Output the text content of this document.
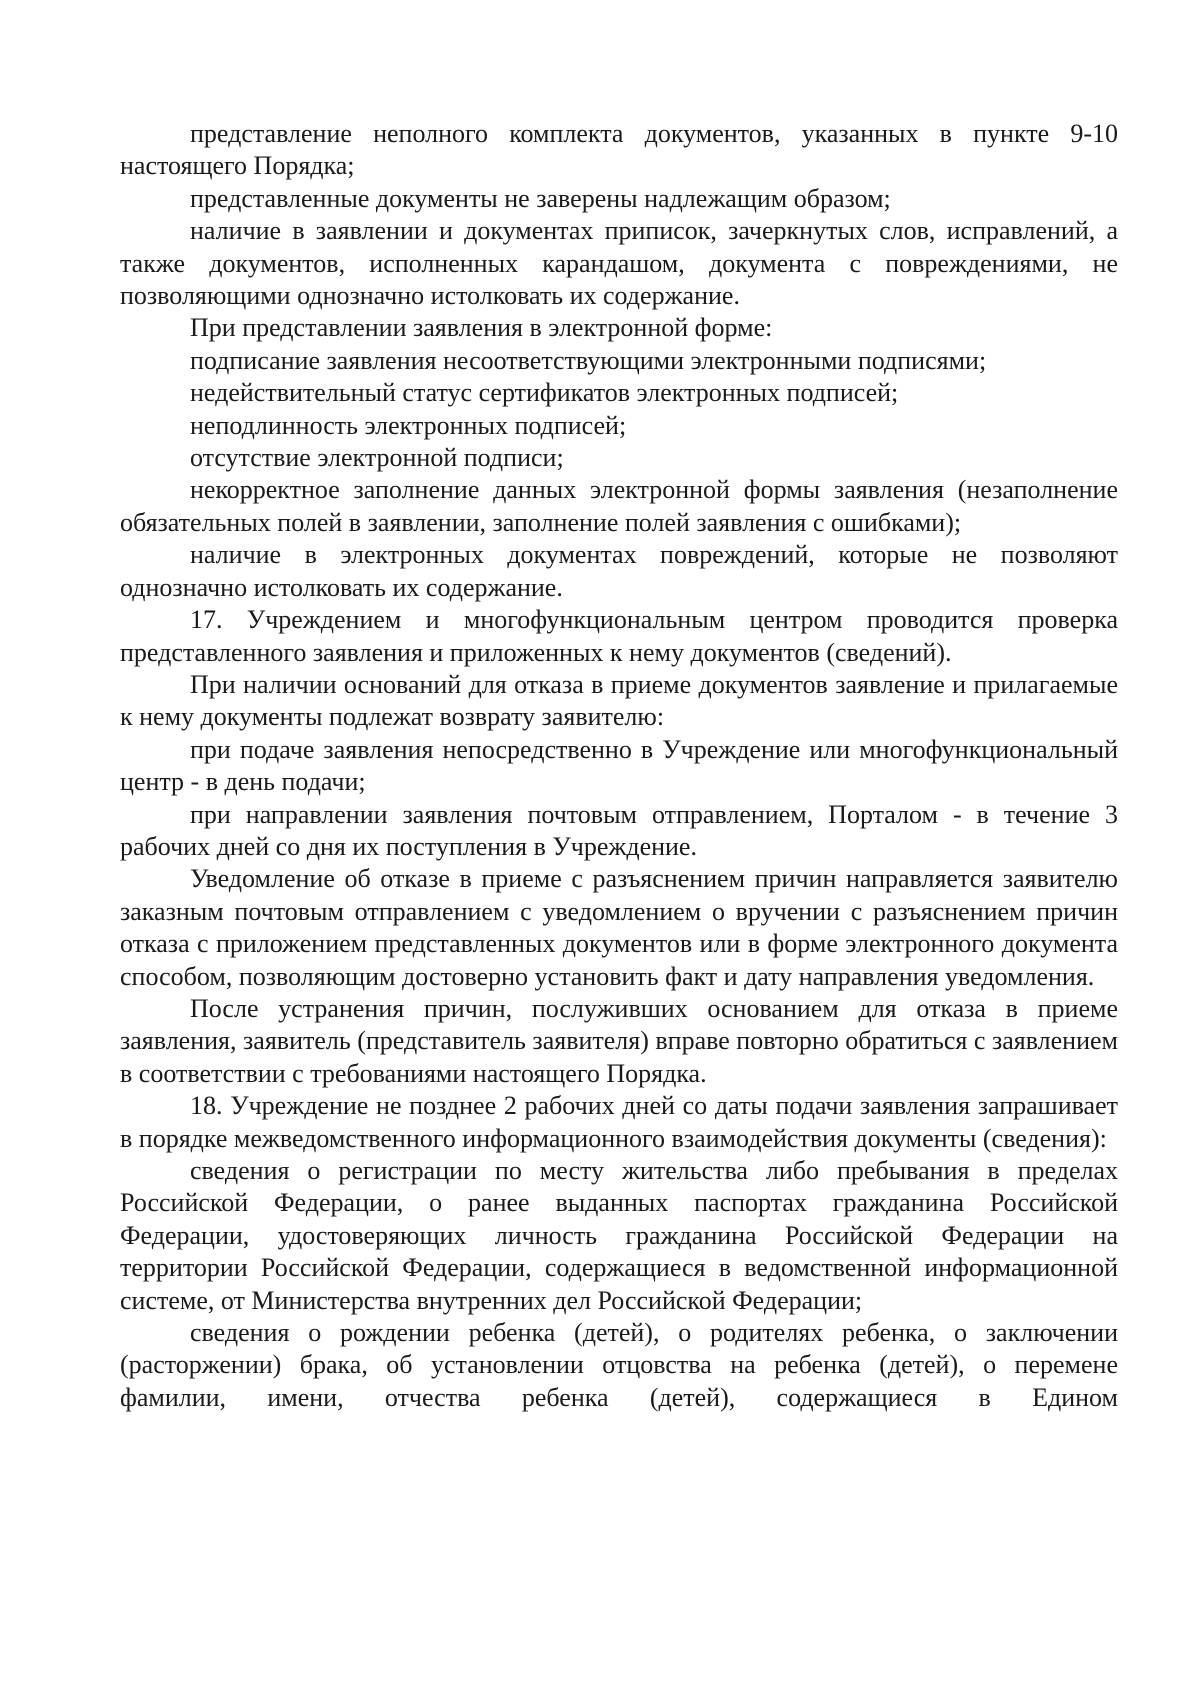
представление неполного комплекта документов, указанных в пункте 9-10 настоящего Порядка;

представленные документы не заверены надлежащим образом;

наличие в заявлении и документах приписок, зачеркнутых слов, исправлений, а также документов, исполненных карандашом, документа с повреждениями, не позволяющими однозначно истолковать их содержание.

При представлении заявления в электронной форме:

подписание заявления несоответствующими электронными подписями;

недействительный статус сертификатов электронных подписей;

неподлинность электронных подписей;

отсутствие электронной подписи;

некорректное заполнение данных электронной формы заявления (незаполнение обязательных полей в заявлении, заполнение полей заявления с ошибками);

наличие в электронных документах повреждений, которые не позволяют однозначно истолковать их содержание.

17. Учреждением и многофункциональным центром проводится проверка представленного заявления и приложенных к нему документов (сведений).

При наличии оснований для отказа в приеме документов заявление и прилагаемые к нему документы подлежат возврату заявителю:

при подаче заявления непосредственно в Учреждение или многофункциональный центр - в день подачи;

при направлении заявления почтовым отправлением, Порталом - в течение 3 рабочих дней со дня их поступления в Учреждение.

Уведомление об отказе в приеме с разъяснением причин направляется заявителю заказным почтовым отправлением с уведомлением о вручении с разъяснением причин отказа с приложением представленных документов или в форме электронного документа способом, позволяющим достоверно установить факт и дату направления уведомления.

После устранения причин, послуживших основанием для отказа в приеме заявления, заявитель (представитель заявителя) вправе повторно обратиться с заявлением в соответствии с требованиями настоящего Порядка.

18. Учреждение не позднее 2 рабочих дней со даты подачи заявления запрашивает в порядке межведомственного информационного взаимодействия документы (сведения):

сведения о регистрации по месту жительства либо пребывания в пределах Российской Федерации, о ранее выданных паспортах гражданина Российской Федерации, удостоверяющих личность гражданина Российской Федерации на территории Российской Федерации, содержащиеся в ведомственной информационной системе, от Министерства внутренних дел Российской Федерации;

сведения о рождении ребенка (детей), о родителях ребенка, о заключении (расторжении) брака, об установлении отцовства на ребенка (детей), о перемене фамилии, имени, отчества ребенка (детей), содержащиеся в Едином
